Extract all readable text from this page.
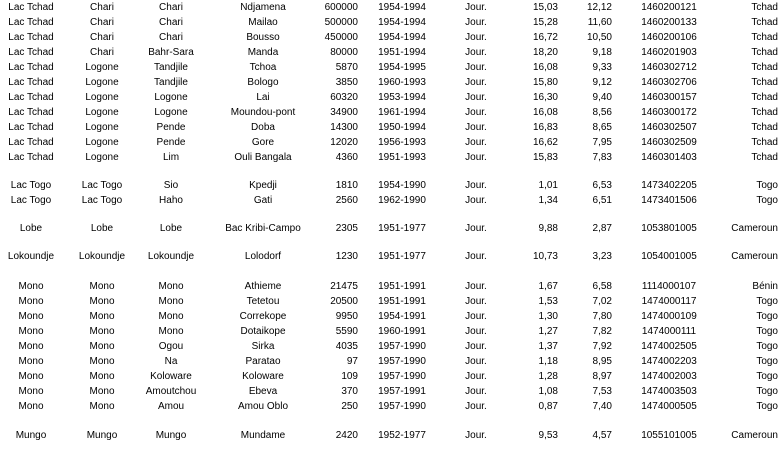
Lac Tchad	Chari	Chari	Ndjamena	600000	1954-1994	Jour.	15,03	12,12	1460200121	Tchad
Lac Tchad	Chari	Chari	Mailao	500000	1954-1994	Jour.	15,28	11,60	1460200133	Tchad
Lac Tchad	Chari	Chari	Bousso	450000	1954-1994	Jour.	16,72	10,50	1460200106	Tchad
Lac Tchad	Chari	Bahr-Sara	Manda	80000	1951-1994	Jour.	18,20	9,18	1460201903	Tchad
Lac Tchad	Logone	Tandjile	Tchoa	5870	1954-1995	Jour.	16,08	9,33	1460302712	Tchad
Lac Tchad	Logone	Tandjile	Bologo	3850	1960-1993	Jour.	15,80	9,12	1460302706	Tchad
Lac Tchad	Logone	Logone	Lai	60320	1953-1994	Jour.	16,30	9,40	1460300157	Tchad
Lac Tchad	Logone	Logone	Moundou-pont	34900	1961-1994	Jour.	16,08	8,56	1460300172	Tchad
Lac Tchad	Logone	Pende	Doba	14300	1950-1994	Jour.	16,83	8,65	1460302507	Tchad
Lac Tchad	Logone	Pende	Gore	12020	1956-1993	Jour.	16,62	7,95	1460302509	Tchad
Lac Tchad	Logone	Lim	Ouli Bangala	4360	1951-1993	Jour.	15,83	7,83	1460301403	Tchad
Lac Togo	Lac Togo	Sio	Kpedji	1810	1954-1990	Jour.	1,01	6,53	1473402205	Togo
Lac Togo	Lac Togo	Haho	Gati	2560	1962-1990	Jour.	1,34	6,51	1473401506	Togo
Lobe	Lobe	Lobe	Bac Kribi-Campo	2305	1951-1977	Jour.	9,88	2,87	1053801005	Cameroun
Lokoundje	Lokoundje	Lokoundje	Lolodorf	1230	1951-1977	Jour.	10,73	3,23	1054001005	Cameroun
Mono	Mono	Mono	Athieme	21475	1951-1991	Jour.	1,67	6,58	1114000107	Bénin
Mono	Mono	Mono	Tetetou	20500	1951-1991	Jour.	1,53	7,02	1474000117	Togo
Mono	Mono	Mono	Correkope	9950	1954-1991	Jour.	1,30	7,80	1474000109	Togo
Mono	Mono	Mono	Dotaikope	5590	1960-1991	Jour.	1,27	7,82	1474000111	Togo
Mono	Mono	Ogou	Sirka	4035	1957-1990	Jour.	1,37	7,92	1474002505	Togo
Mono	Mono	Na	Paratao	97	1957-1990	Jour.	1,18	8,95	1474002203	Togo
Mono	Mono	Koloware	Koloware	109	1957-1990	Jour.	1,28	8,97	1474002003	Togo
Mono	Mono	Amoutchou	Ebeva	370	1957-1991	Jour.	1,08	7,53	1474003503	Togo
Mono	Mono	Amou	Amou Oblo	250	1957-1990	Jour.	0,87	7,40	1474000505	Togo
Mungo	Mungo	Mungo	Mundame	2420	1952-1977	Jour.	9,53	4,57	1055101005	Cameroun
